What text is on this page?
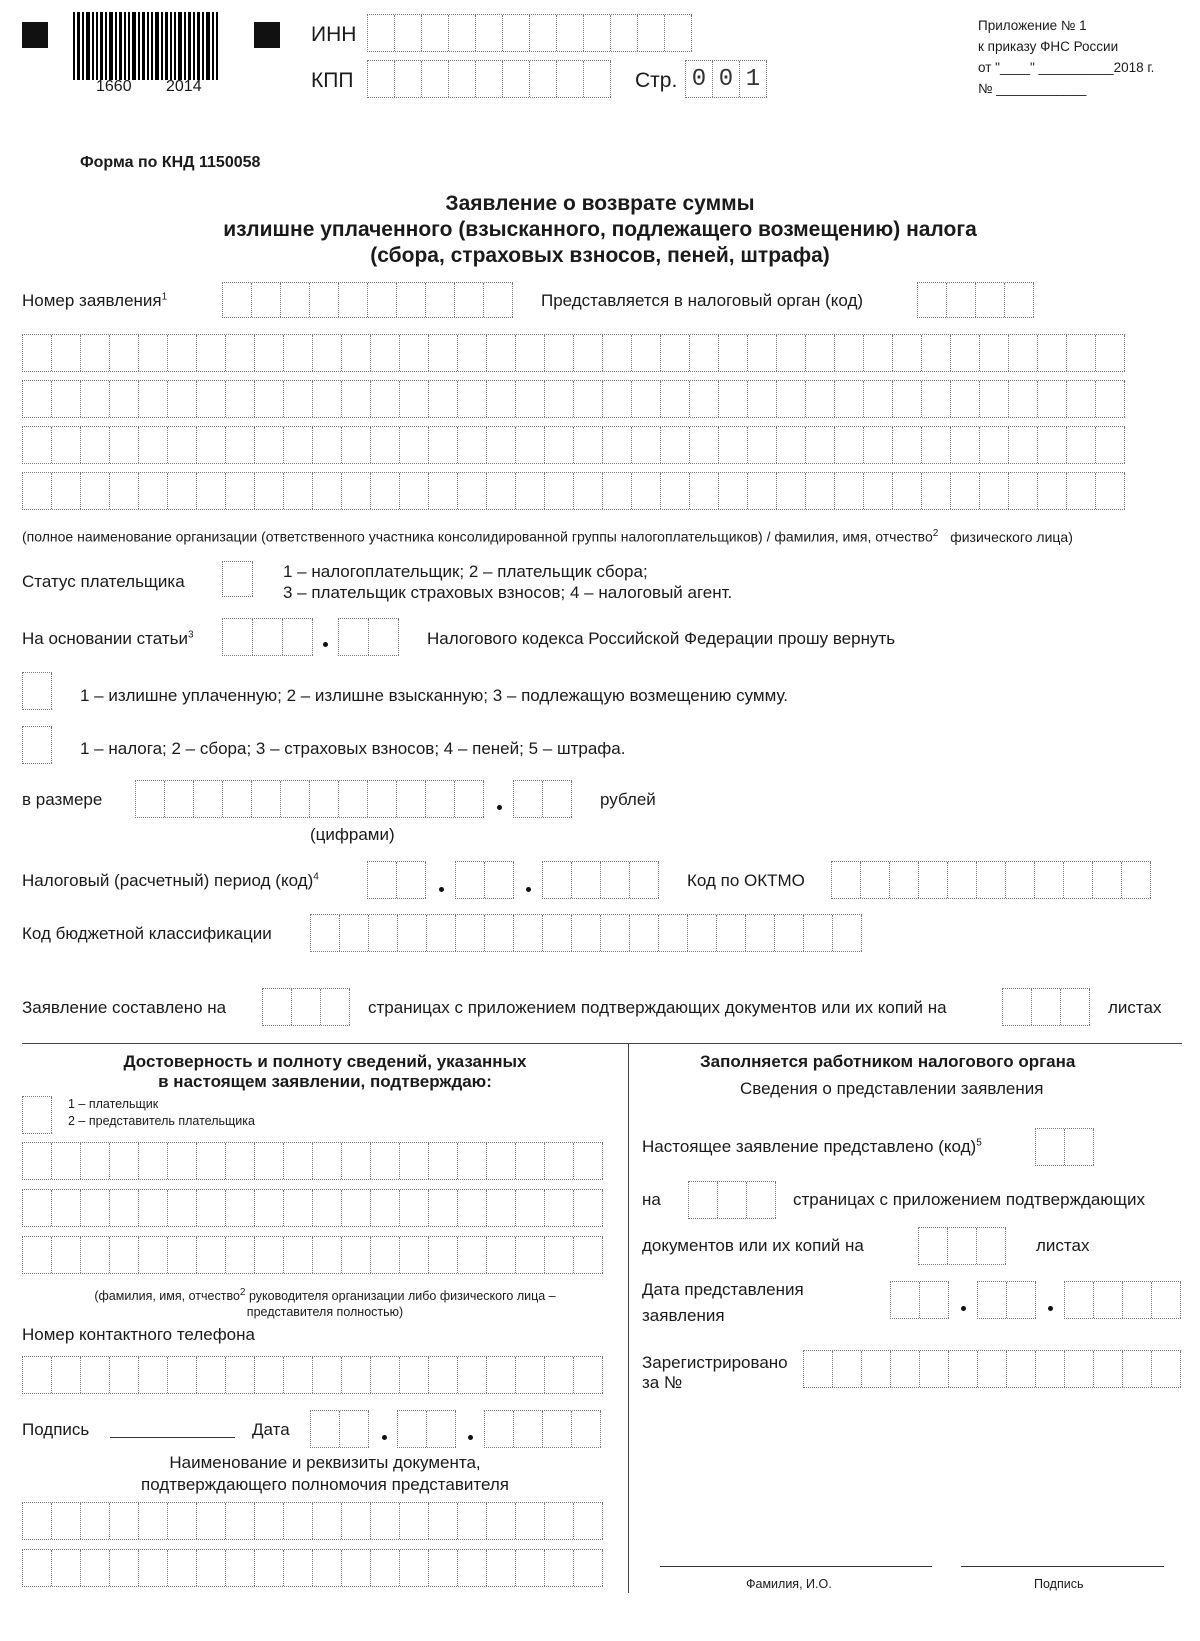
1660 2014
ИНН
КПП	Стр. 0 0 1
Приложение № 1
к приказу ФНС России
от "____" __________2018 г.
№ ____________
Форма по КНД 1150058
Заявление о возврате суммы
излишне уплаченного (взысканного, подлежащего возмещению) налога
(сбора, страховых взносов, пеней, штрафа)
Номер заявления$^1$	Представляется в налоговый орган (код)
(полное наименование организации (ответственного участника консолидированной группы налогоплательщиков) / фамилия, имя, отчество$^2$ физического лица)
Статус плательщика
1 – налогоплательщик; 2 – плательщик сбора;
3 – плательщик страховых взносов; 4 – налоговый агент.
На основании статьи$^3$	Налогового кодекса Российской Федерации прошу вернуть
1 – излишне уплаченную; 2 – излишне взысканную; 3 – подлежащую возмещению сумму.
1 – налога; 2 – сбора; 3 – страховых взносов; 4 – пеней; 5 – штрафа.
в размере	рублей
(цифрами)
Налоговый (расчетный) период (код)$^4$	Код по ОКТМО
Код бюджетной классификации
Заявление составлено на	страницах с приложением подтверждающих документов или их копий на	листах
Достоверность и полноту сведений, указанных
в настоящем заявлении, подтверждаю:
1 – плательщик
2 – представитель плательщика
(фамилия, имя, отчество$^2$ руководителя организации либо физического лица –
представителя полностью)
Номер контактного телефона
Подпись	Дата
Наименование и реквизиты документа,
подтверждающего полномочия представителя
Заполняется работником налогового органа
Сведения о представлении заявления
Настоящее заявление представлено (код)$^5$
на	страницах с приложением подтверждающих
документов или их копий на	листах
Дата представления
заявления
Зарегистрировано
за №
Фамилия, И.О.	Подпись
